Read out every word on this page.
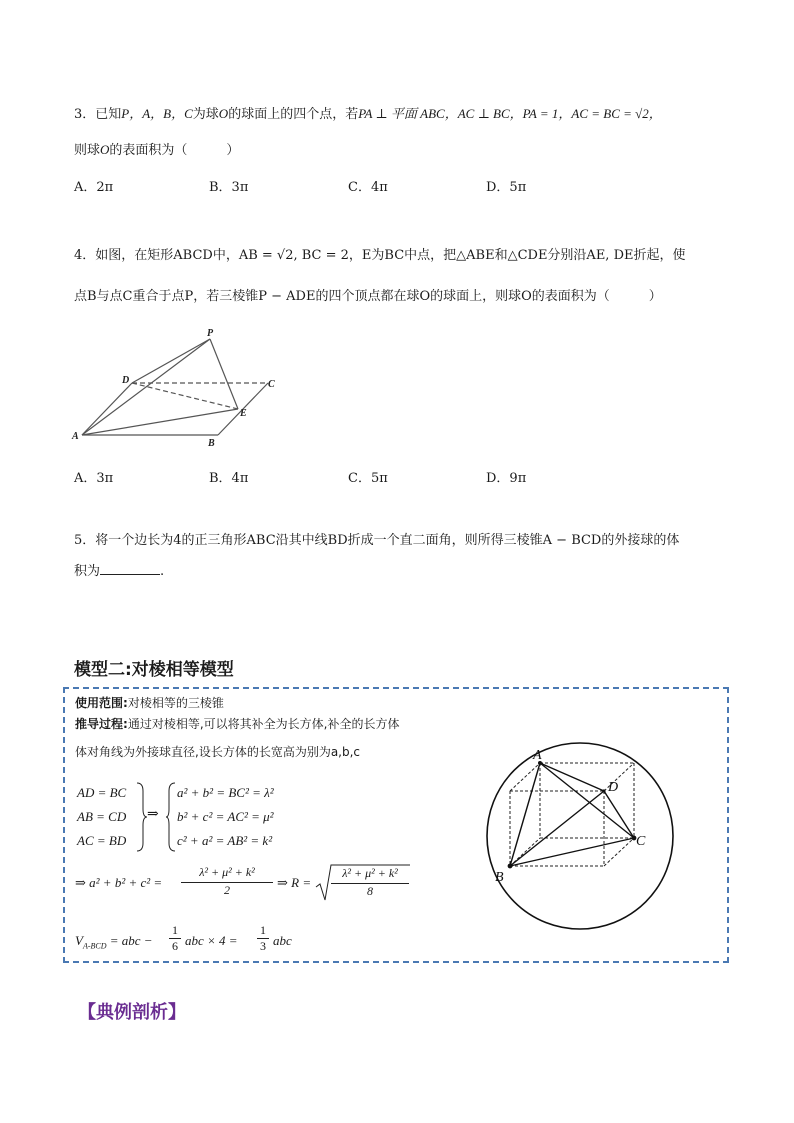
3．已知P，A，B，C为球O的球面上的四个点，若PA ⊥ 平面 ABC，AC ⊥ BC，PA = 1，AC = BC = √2，
则球O的表面积为（　　　）
A．2π	B．3π	C．4π	D．5π
4．如图，在矩形ABCD中，AB = √2, BC = 2，E为BC中点，把△ABE和△CDE分别沿AE, DE折起，使
点B与点C重合于点P，若三棱锥P − ADE的四个顶点都在球O的球面上，则球O的表面积为（　　　）
P
D	C
E
A
B
A．3π	B．4π	C．5π	D．9π
5．将一个边长为4的正三角形ABC沿其中线BD折成一个直二面角，则所得三棱锥A − BCD的外接球的体
积为	.
模型二:对棱相等模型
使用范围:对棱相等的三棱锥
推导过程:通过对棱相等,可以将其补全为长方体,补全的长方体
体对角线为外接球直径,设长方体的长宽高为别为a,b,c
AD = BC
AB = CD
AC = BD
⇒
a² + b² = BC² = λ²
b² + c² = AC² = μ²
c² + a² = AB² = k²
⇒ $a^2 + b^2 + c^2 = \frac{\text{λ² + μ² + k²}}{2}$ ⇒ $R = \frac{\text{λ² + μ² + k²}}{8}$
$V_{A-BCD}$ = abc − $\frac{1}{6}$ abc × $4 = \frac{1}{3}$ abc
A
D
C
B
【典例剖析】
